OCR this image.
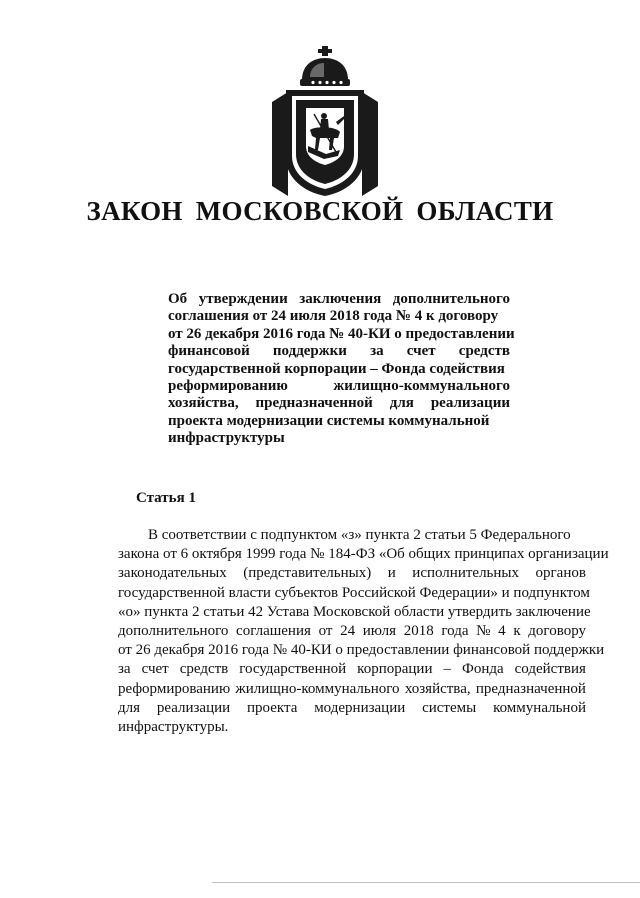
ЗАКОН МОСКОВСКОЙ ОБЛАСТИ
Об утверждении заключения дополнительного
соглашения от 24 июля 2018 года № 4 к договору
от 26 декабря 2016 года № 40-КИ о предоставлении
финансовой поддержки за счет средств
государственной корпорации – Фонда содействия
реформированию	жилищно-коммунального
хозяйства, предназначенной для реализации
проекта модернизации системы коммунальной
инфраструктуры
Статья 1
В соответствии с подпунктом «з» пункта 2 статьи 5 Федерального
закона от 6 октября 1999 года № 184-ФЗ «Об общих принципах организации
законодательных (представительных) и исполнительных органов
государственной власти субъектов Российской Федерации» и подпунктом
«о» пункта 2 статьи 42 Устава Московской области утвердить заключение
дополнительного соглашения от 24 июля 2018 года № 4 к договору
от 26 декабря 2016 года № 40-КИ о предоставлении финансовой поддержки
за счет средств государственной корпорации – Фонда содействия
реформированию жилищно-коммунального хозяйства, предназначенной
для реализации проекта модернизации системы коммунальной
инфраструктуры.
